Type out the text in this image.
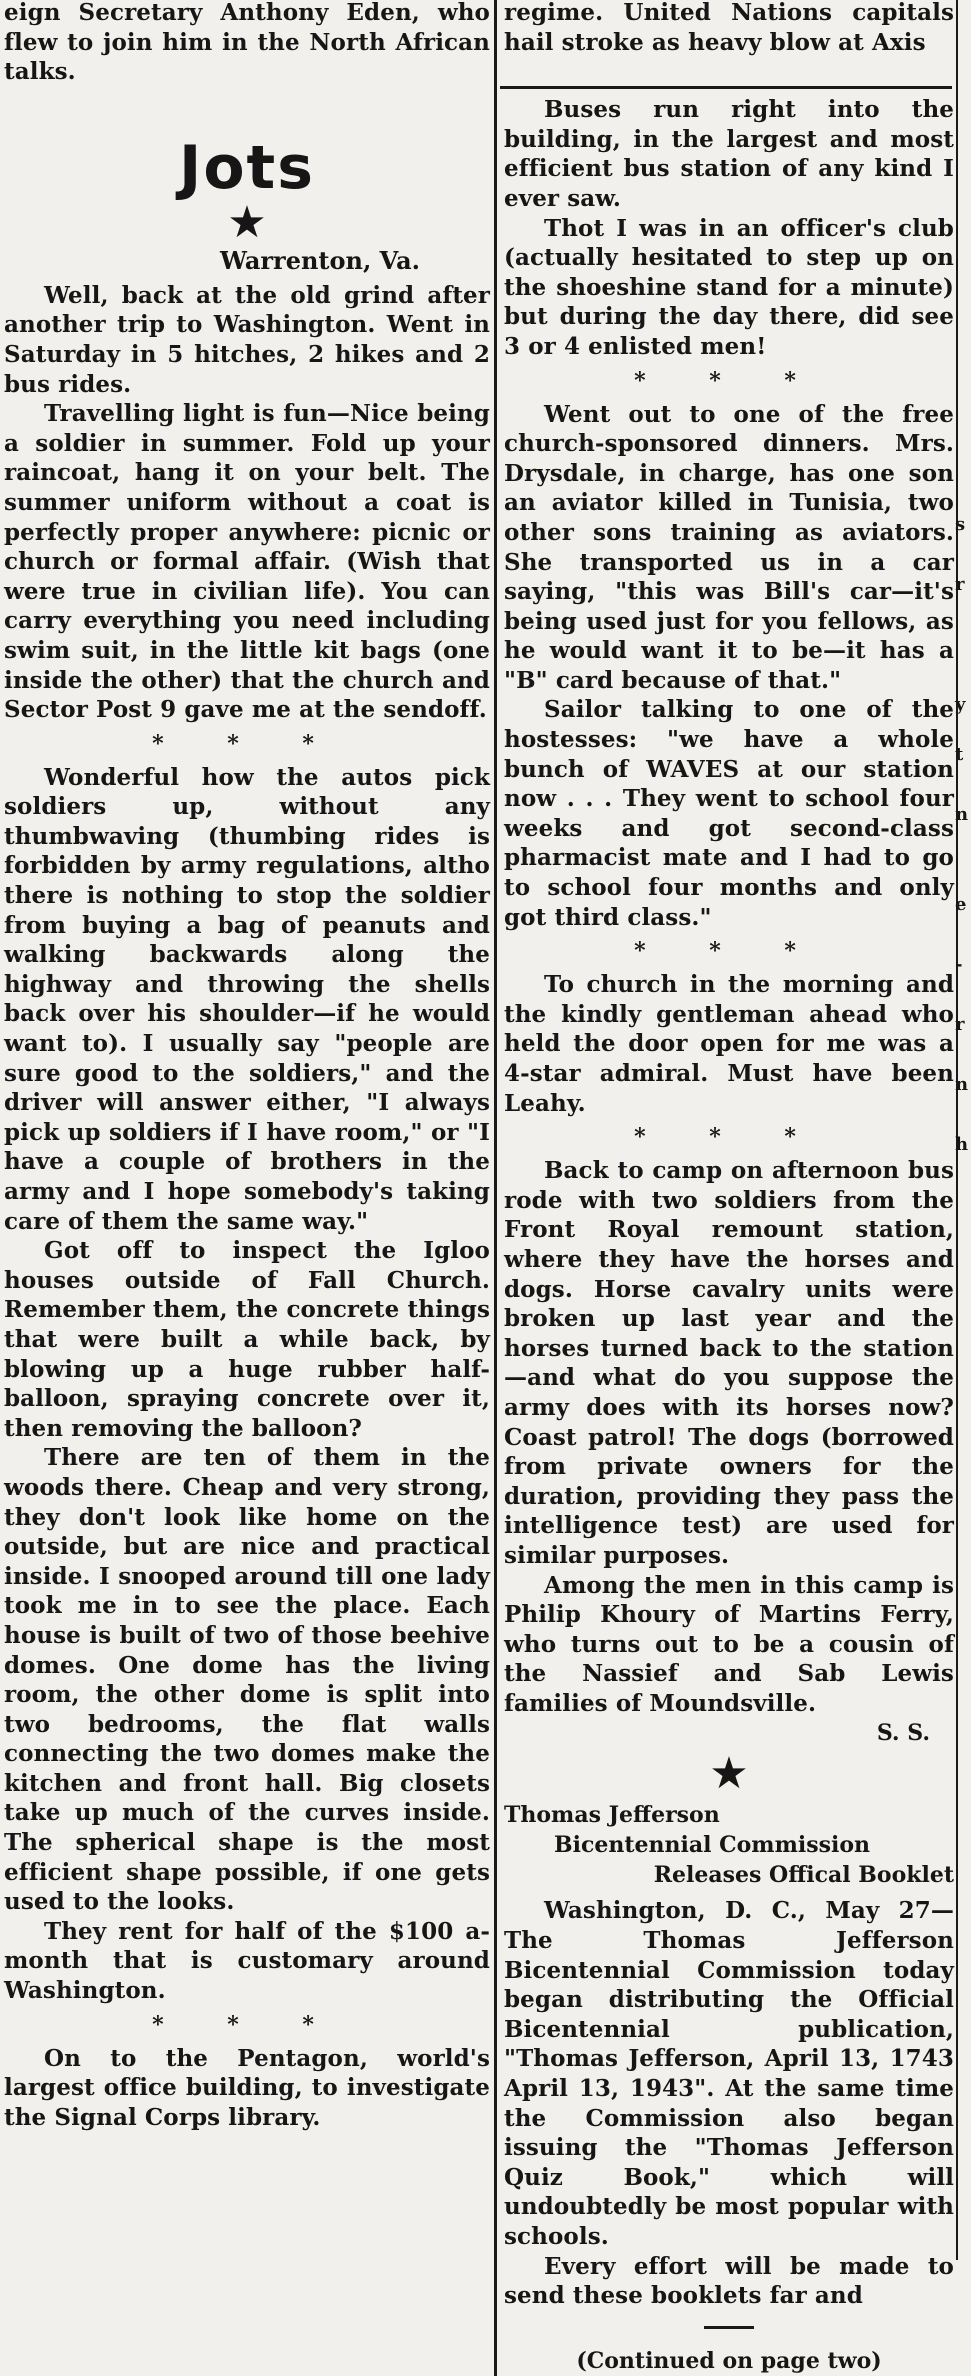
eign Secretary Anthony Eden, who flew to join him in the North African talks.

Jots
★
Warrenton, Va.

Well, back at the old grind after another trip to Washington. Went in Saturday in 5 hitches, 2 hikes and 2 bus rides.

Travelling light is fun—Nice being a soldier in summer. Fold up your raincoat, hang it on your belt. The summer uniform without a coat is perfectly proper anywhere: picnic or church or formal affair. (Wish that were true in civilian life). You can carry everything you need including swim suit, in the little kit bags (one inside the other) that the church and Sector Post 9 gave me at the sendoff.

* * *

Wonderful how the autos pick soldiers up, without any thumbwaving (thumbing rides is forbidden by army regulations, altho there is nothing to stop the soldier from buying a bag of peanuts and walking backwards along the highway and throwing the shells back over his shoulder—if he would want to). I usually say "people are sure good to the soldiers," and the driver will answer either, "I always pick up soldiers if I have room," or "I have a couple of brothers in the army and I hope somebody's taking care of them the same way."

Got off to inspect the Igloo houses outside of Fall Church. Remember them, the concrete things that were built a while back, by blowing up a huge rubber half-balloon, spraying concrete over it, then removing the balloon?

There are ten of them in the woods there. Cheap and very strong, they don't look like home on the outside, but are nice and practical inside. I snooped around till one lady took me in to see the place. Each house is built of two of those beehive domes. One dome has the living room, the other dome is split into two bedrooms, the flat walls connecting the two domes make the kitchen and front hall. Big closets take up much of the curves inside. The spherical shape is the most efficient shape possible, if one gets used to the looks.

They rent for half of the $100 a-month that is customary around Washington.

* * *

On to the Pentagon, world's largest office building, to investigate the Signal Corps library.

regime. United Nations capitals hail stroke as heavy blow at Axis

Buses run right into the building, in the largest and most efficient bus station of any kind I ever saw.

Thot I was in an officer's club (actually hesitated to step up on the shoeshine stand for a minute) but during the day there, did see 3 or 4 enlisted men!

* * *

Went out to one of the free church-sponsored dinners. Mrs. Drysdale, in charge, has one son an aviator killed in Tunisia, two other sons training as aviators. She transported us in a car saying, "this was Bill's car—it's being used just for you fellows, as he would want it to be—it has a "B" card because of that."

Sailor talking to one of the hostesses: "we have a whole bunch of WAVES at our station now . . . They went to school four weeks and got second-class pharmacist mate and I had to go to school four months and only got third class."

* * *

To church in the morning and the kindly gentleman ahead who held the door open for me was a 4-star admiral. Must have been Leahy.

* * *

Back to camp on afternoon bus rode with two soldiers from the Front Royal remount station, where they have the horses and dogs. Horse cavalry units were broken up last year and the horses turned back to the station—and what do you suppose the army does with its horses now? Coast patrol! The dogs (borrowed from private owners for the duration, providing they pass the intelligence test) are used for similar purposes.

Among the men in this camp is Philip Khoury of Martins Ferry, who turns out to be a cousin of the Nassief and Sab Lewis families of Moundsville.

S. S.
★
Thomas Jefferson
Bicentennial Commission
Releases Offical Booklet

Washington, D. C., May 27—The Thomas Jefferson Bicentennial Commission today began distributing the Official Bicentennial publication, "Thomas Jefferson, April 13, 1743 April 13, 1943". At the same time the Commission also began issuing the "Thomas Jefferson Quiz Book," which will undoubtedly be most popular with schools.

Every effort will be made to send these booklets far and

(Continued on page two)
s
r
y
t
n
e
-
r
n
h
